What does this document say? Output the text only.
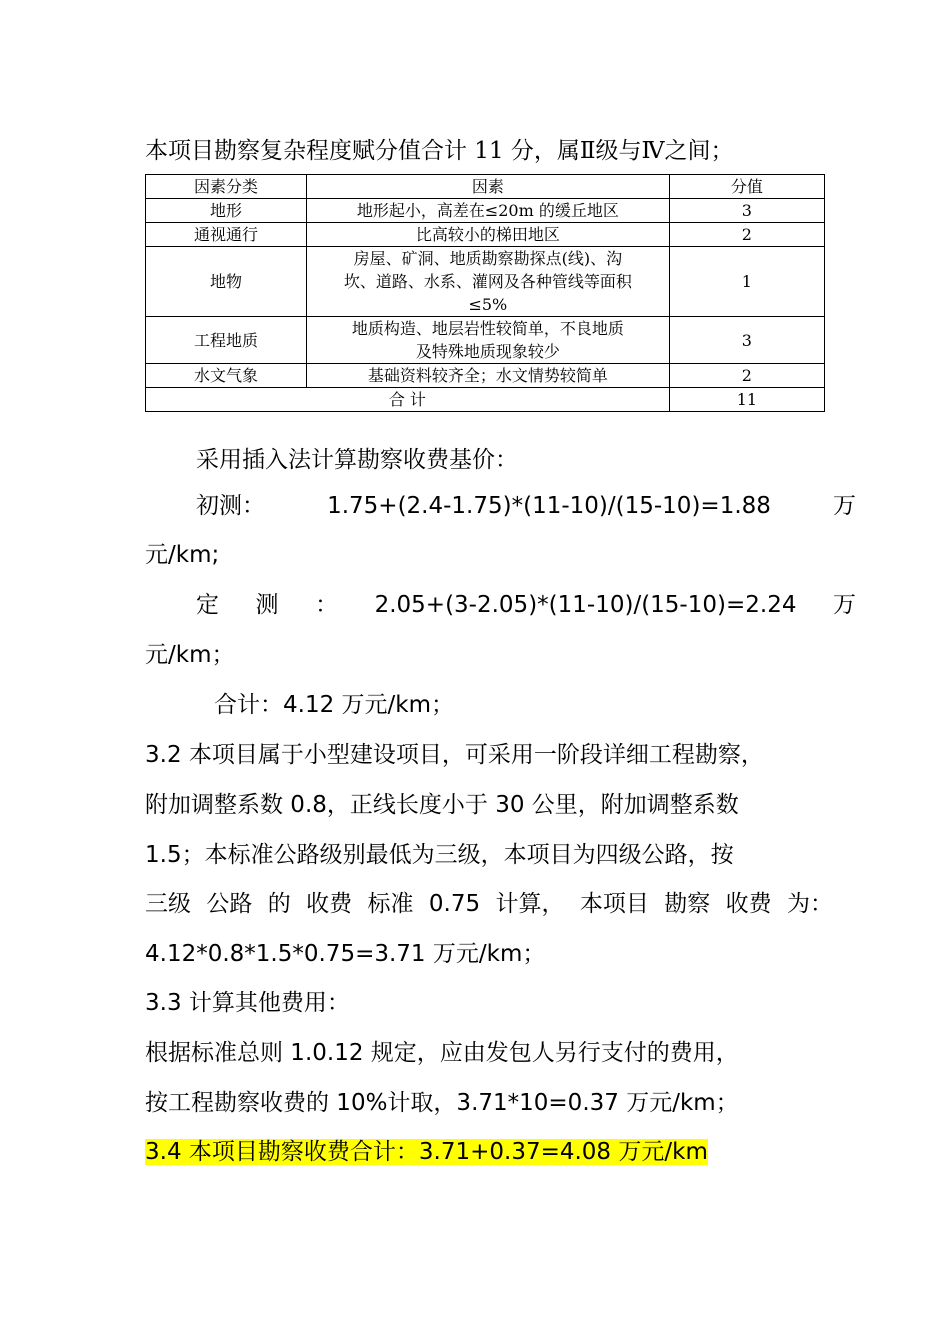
本项目勘察复杂程度赋分值合计 11 分，属Ⅱ级与Ⅳ之间；
因素分类	因素	分值
地形	地形起小，高差在≤20m 的缓丘地区	3
通视通行	比高较小的梯田地区	2
地物	房屋、矿洞、地质勘察勘探点(线)、沟
坎、道路、水系、灌网及各种管线等面积
≤5%	1
工程地质	地质构造、地层岩性较简单，不良地质
及特殊地质现象较少	3
水文气象	基础资料较齐全；水文情势较简单	2
合 计		11
采用插入法计算勘察收费基价：
初测：	1.75+(2.4-1.75)*(11-10)/(15-10)=1.88	万
元/km;
定 测 ： 2.05+(3-2.05)*(11-10)/(15-10)=2.24 万
元/km；
合计：4.12 万元/km；
3.2 本项目属于小型建设项目，可采用一阶段详细工程勘察，
附加调整系数 0.8，正线长度小于 30 公里，附加调整系数
1.5；本标准公路级别最低为三级，本项目为四级公路，按
三级 公路 的 收费 标准 0.75 计算， 本项目 勘察 收费 为：
4.12*0.8*1.5*0.75=3.71 万元/km；
3.3 计算其他费用：
根据标准总则 1.0.12 规定，应由发包人另行支付的费用，
按工程勘察收费的 10%计取，3.71*10=0.37 万元/km；
3.4 本项目勘察收费合计：3.71+0.37=4.08 万元/km
